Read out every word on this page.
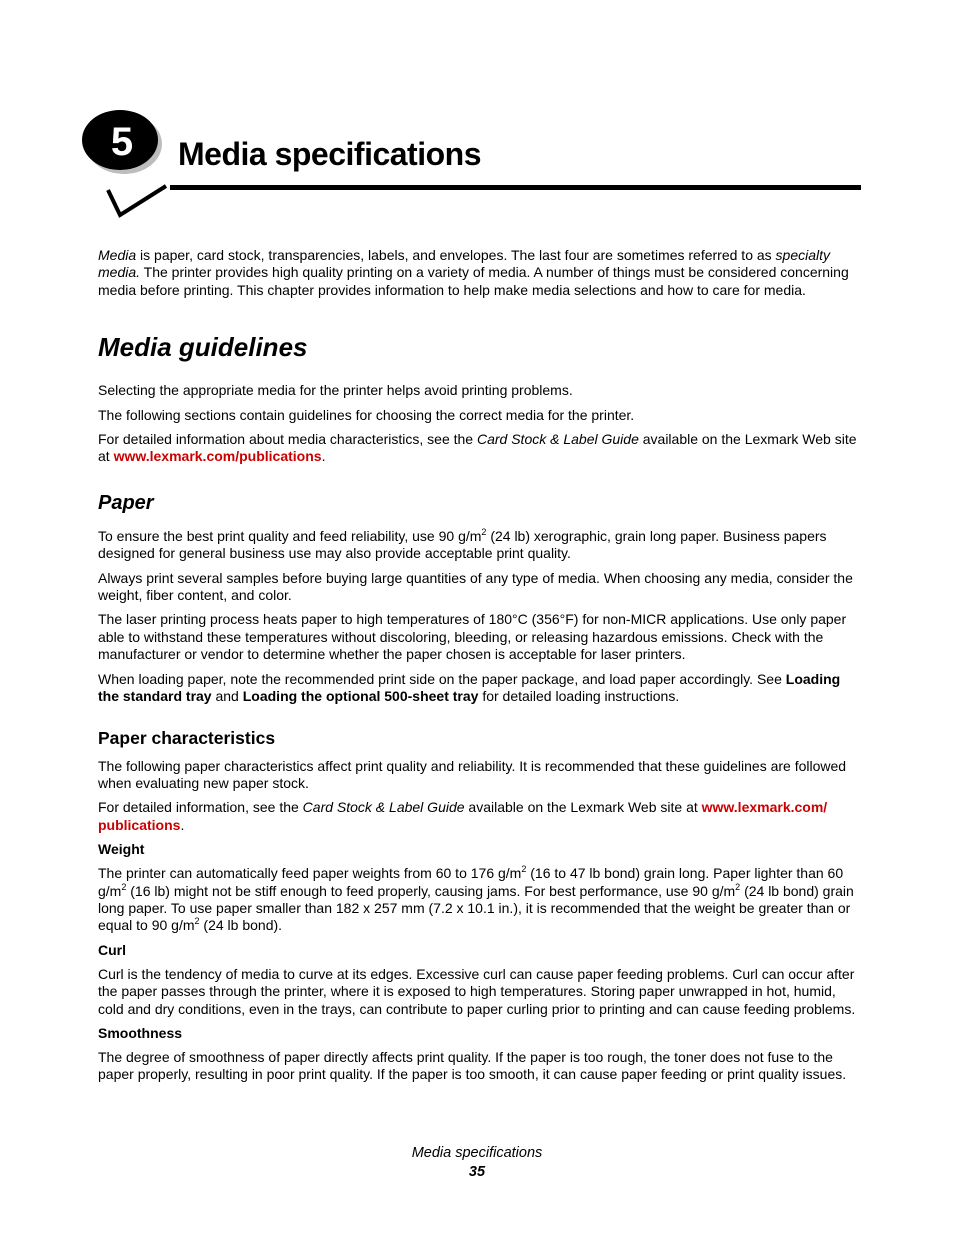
5 Media specifications

Media is paper, card stock, transparencies, labels, and envelopes. The last four are sometimes referred to as specialty media. The printer provides high quality printing on a variety of media. A number of things must be considered concerning media before printing. This chapter provides information to help make media selections and how to care for media.

Media guidelines

Selecting the appropriate media for the printer helps avoid printing problems.

The following sections contain guidelines for choosing the correct media for the printer.

For detailed information about media characteristics, see the Card Stock & Label Guide available on the Lexmark Web site at www.lexmark.com/publications.

Paper

To ensure the best print quality and feed reliability, use 90 $g/m^2$ (24 lb) xerographic, grain long paper. Business papers designed for general business use may also provide acceptable print quality.

Always print several samples before buying large quantities of any type of media. When choosing any media, consider the weight, fiber content, and color.

The laser printing process heats paper to high temperatures of 180°C (356°F) for non-MICR applications. Use only paper able to withstand these temperatures without discoloring, bleeding, or releasing hazardous emissions. Check with the manufacturer or vendor to determine whether the paper chosen is acceptable for laser printers.

When loading paper, note the recommended print side on the paper package, and load paper accordingly. See Loading the standard tray and Loading the optional 500-sheet tray for detailed loading instructions.

Paper characteristics

The following paper characteristics affect print quality and reliability. It is recommended that these guidelines are followed when evaluating new paper stock.

For detailed information, see the Card Stock & Label Guide available on the Lexmark Web site at www.lexmark.com/ publications.

Weight

The printer can automatically feed paper weights from 60 to 176 $g/m^2$ (16 to 47 lb bond) grain long. Paper lighter than 60 $g/m^2$ (16 lb) might not be stiff enough to feed properly, causing jams. For best performance, use 90 $g/m^2$ (24 lb bond) grain long paper. To use paper smaller than 182 x 257 mm (7.2 x 10.1 in.), it is recommended that the weight be greater than or equal to 90 $g/m^2$ (24 lb bond).

Curl

Curl is the tendency of media to curve at its edges. Excessive curl can cause paper feeding problems. Curl can occur after the paper passes through the printer, where it is exposed to high temperatures. Storing paper unwrapped in hot, humid, cold and dry conditions, even in the trays, can contribute to paper curling prior to printing and can cause feeding problems.

Smoothness

The degree of smoothness of paper directly affects print quality. If the paper is too rough, the toner does not fuse to the paper properly, resulting in poor print quality. If the paper is too smooth, it can cause paper feeding or print quality issues.

Media specifications
35
